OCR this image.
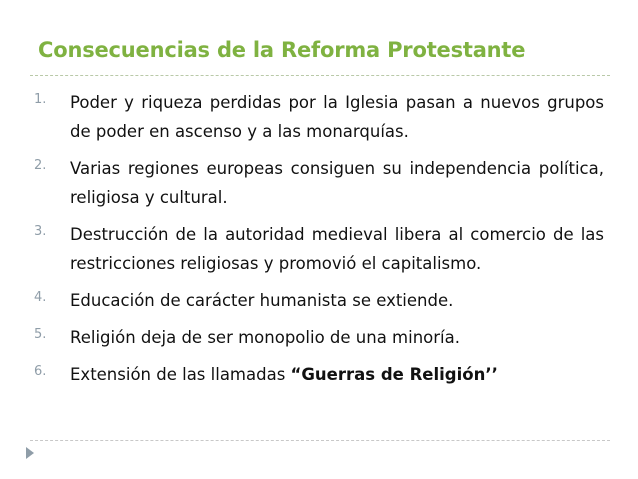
Consecuencias de la Reforma Protestante
1. Poder y riqueza perdidas por la Iglesia pasan a nuevos grupos de poder en ascenso y a las monarquías.
2. Varias regiones europeas consiguen su independencia política, religiosa y cultural.
3. Destrucción de la autoridad medieval libera al comercio de las restricciones religiosas y promovió el capitalismo.
4. Educación de carácter humanista se extiende.
5. Religión deja de ser monopolio de una minoría.
6. Extensión de las llamadas “Guerras de Religión’’
